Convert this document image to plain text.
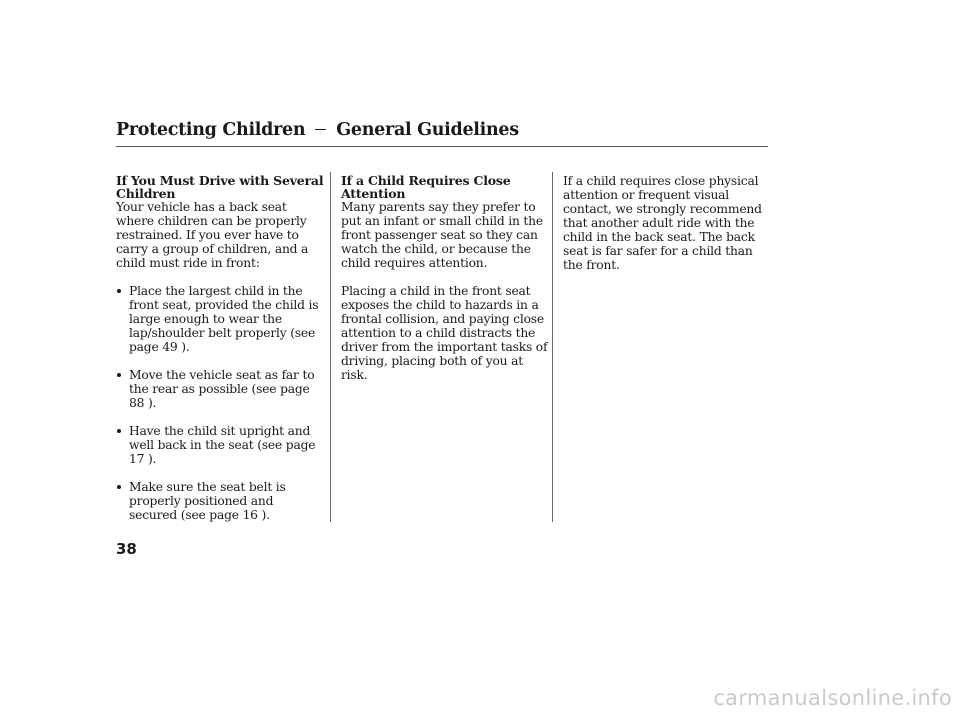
Protecting Children General Guidelines
If You Must Drive with Several Children

Your vehicle has a back seat where children can be properly restrained. If you ever have to carry a group of children, and a child must ride in front:

Place the largest child in the front seat, provided the child is large enough to wear the lap/shoulder belt properly (see page 49 ).
Move the vehicle seat as far to the rear as possible (see page 88 ).
Have the child sit upright and well back in the seat (see page 17 ).
Make sure the seat belt is properly positioned and secured (see page 16 ).
If a Child Requires Close Attention

Many parents say they prefer to put an infant or small child in the front passenger seat so they can watch the child, or because the child requires attention.

Placing a child in the front seat exposes the child to hazards in a frontal collision, and paying close attention to a child distracts the driver from the important tasks of driving, placing both of you at risk.

If a child requires close physical attention or frequent visual contact, we strongly recommend that another adult ride with the child in the back seat. The back seat is far safer for a child than the front.

38
carmanualsonline.info
